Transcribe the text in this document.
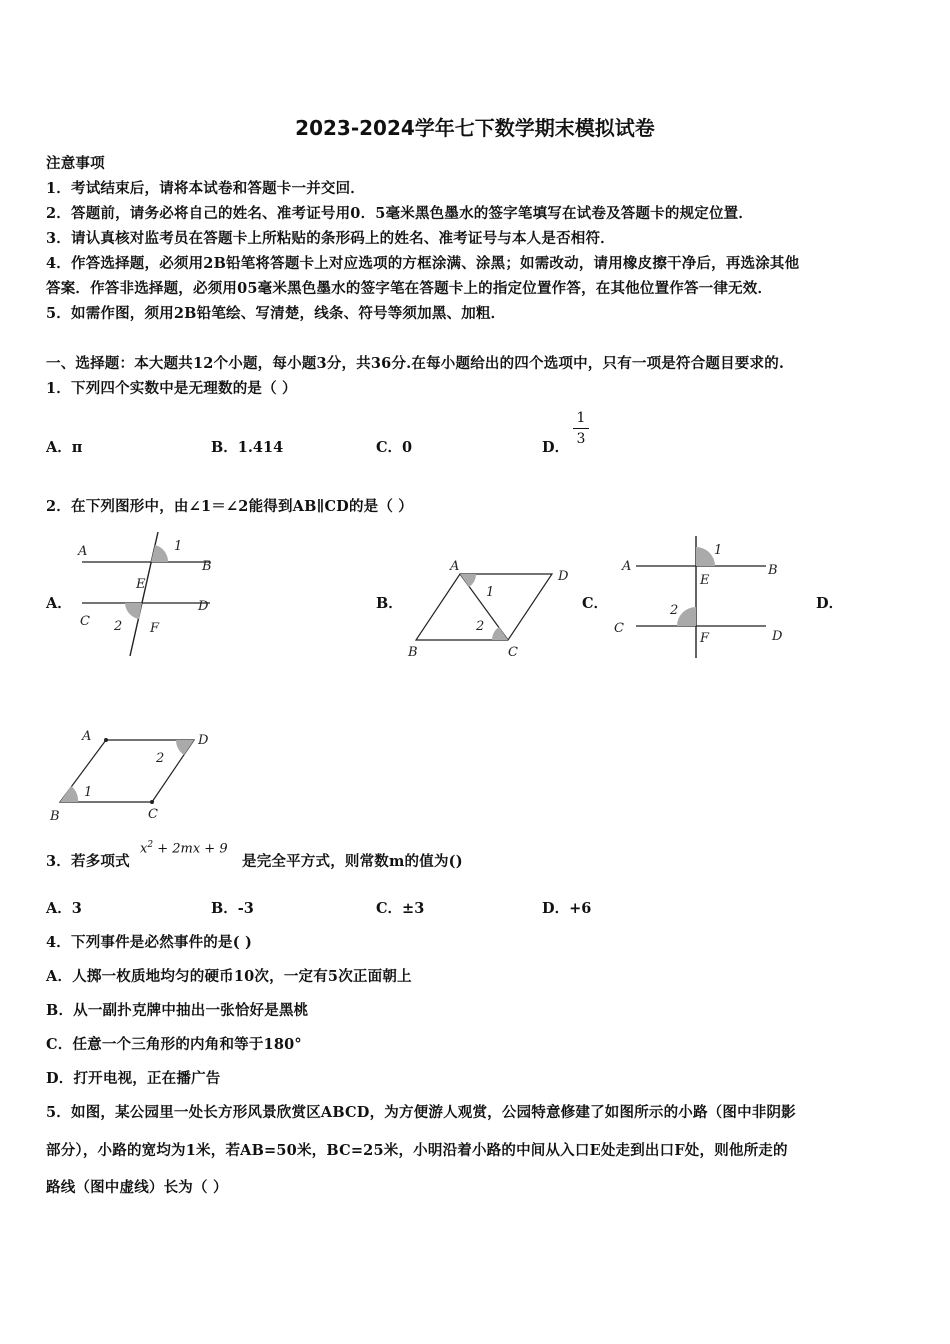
2023-2024学年七下数学期末模拟试卷
注意事项
1．考试结束后，请将本试卷和答题卡一并交回．
2．答题前，请务必将自己的姓名、准考证号用0．5毫米黑色墨水的签字笔填写在试卷及答题卡的规定位置．
3．请认真核对监考员在答题卡上所粘贴的条形码上的姓名、准考证号与本人是否相符．
4．作答选择题，必须用2B铅笔将答题卡上对应选项的方框涂满、涂黑；如需改动，请用橡皮擦干净后，再选涂其他
答案．作答非选择题，必须用05毫米黑色墨水的签字笔在答题卡上的指定位置作答，在其他位置作答一律无效．
5．如需作图，须用2B铅笔绘、写清楚，线条、符号等须加黑、加粗．
一、选择题：本大题共12个小题，每小题3分，共36分.在每小题给出的四个选项中，只有一项是符合题目要求的.
1．下列四个实数中是无理数的是（ ）
A．π	B．1.414	C．0	D．
1
3
2．在下列图形中，由∠1＝∠2能得到AB∥CD的是（ ）
A．
A
B
C
D
E
F
1
2
B．
A
D
B	C
1
2
C．
A	B
C
D
E
F
1
2	D．
A	D
B	C
1
2
3．若多项式
$x^2 + 2mx + 9$
是完全平方式，则常数m的值为()
A．3	B．-3	C．±3	D．+6
4．下列事件是必然事件的是( )
A．人掷一枚质地均匀的硬币10次，一定有5次正面朝上
B．从一副扑克牌中抽出一张恰好是黑桃
C．任意一个三角形的内角和等于180°
D．打开电视，正在播广告
5．如图，某公园里一处长方形风景欣赏区ABCD，为方便游人观赏，公园特意修建了如图所示的小路（图中非阴影
部分），小路的宽均为1米，若AB=50米，BC=25米，小明沿着小路的中间从入口E处走到出口F处，则他所走的
路线（图中虚线）长为（ ）
